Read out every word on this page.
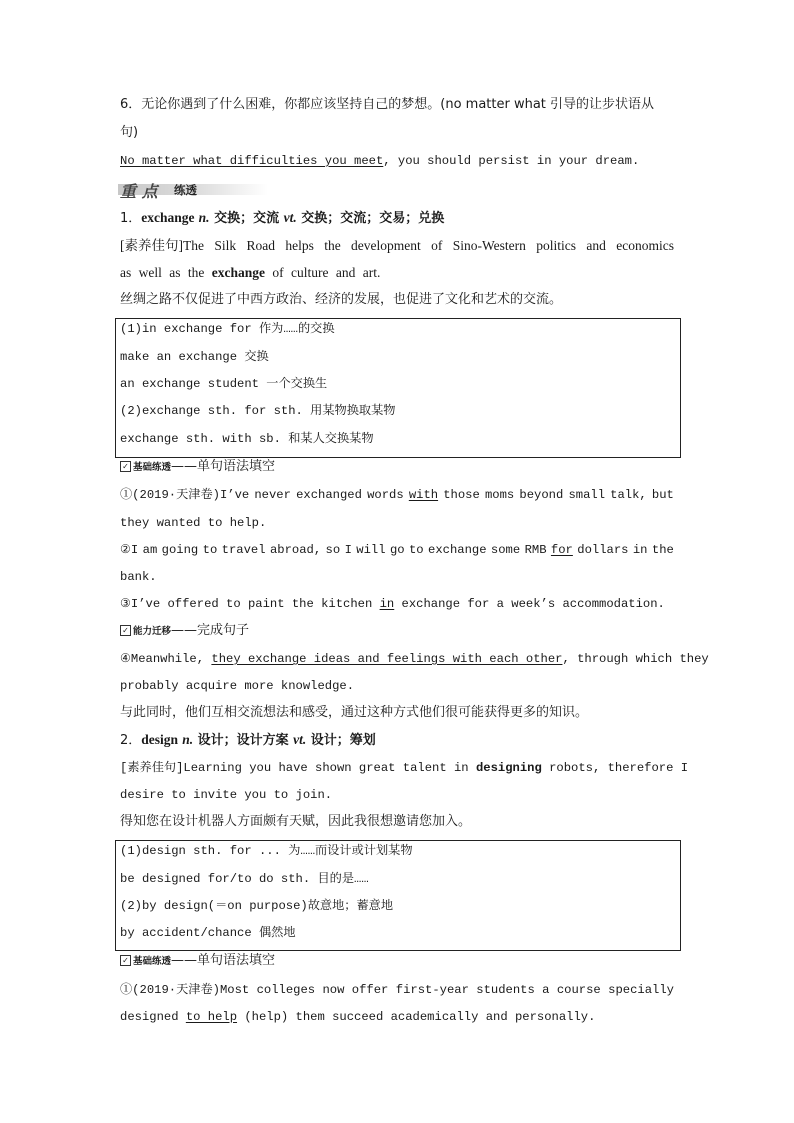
6．无论你遇到了什么困难，你都应该坚持自己的梦想。(no matter what 引导的让步状语从
句)
No matter what difficulties you meet, you should persist in your dream.
重 点 练透
1．exchange n. 交换；交流 vt. 交换；交流；交易；兑换
[素养佳句]The Silk Road helps the development of Sino-Western politics and economics
as well as the exchange of culture and art.
丝绸之路不仅促进了中西方政治、经济的发展，也促进了文化和艺术的交流。
(1)in exchange for 作为……的交换
make an exchange 交换
an exchange student 一个交换生
(2)exchange sth. for sth. 用某物换取某物
exchange sth. with sb. 和某人交换某物
✓ 基础练透——单句语法填空
①(2019·天津卷)I’ve never exchanged words with those moms beyond small talk, but
they wanted to help.
②I am going to travel abroad, so I will go to exchange some RMB for dollars in the
bank.
③I’ve offered to paint the kitchen in exchange for a week’s accommodation.
✓ 能力迁移——完成句子
④Meanwhile, they exchange ideas and feelings with each other, through which they
probably acquire more knowledge.
与此同时，他们互相交流想法和感受，通过这种方式他们很可能获得更多的知识。
2．design n. 设计；设计方案 vt. 设计；筹划
[素养佳句]Learning you have shown great talent in designing robots, therefore I
desire to invite you to join.
得知您在设计机器人方面颇有天赋，因此我很想邀请您加入。
(1)design sth. for ... 为……而设计或计划某物
be designed for/to do sth. 目的是……
(2)by design(＝on purpose)故意地；蓄意地
by accident/chance 偶然地
✓ 基础练透——单句语法填空
①(2019·天津卷)Most colleges now offer first-year students a course specially
designed to help (help) them succeed academically and personally.
